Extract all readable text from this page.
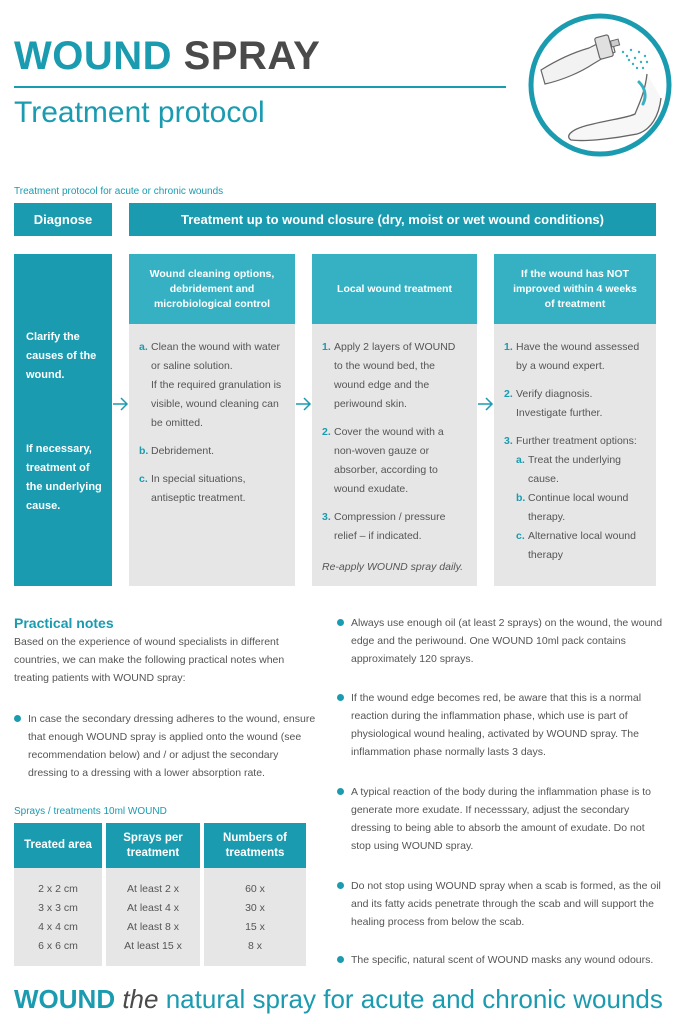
WOUND SPRAY
Treatment protocol
Treatment protocol for acute or chronic wounds
Diagnose	Treatment up to wound closure (dry, moist or wet wound conditions)
Clarify the causes of the wound.
If necessary, treatment of the underlying cause.
Wound cleaning options, debridement and microbiological control
a. Clean the wound with water or saline solution.
If the required granulation is visible, wound cleaning can be omitted.
b. Debridement.
c. In special situations, antiseptic treatment.
Local wound treatment
1. Apply 2 layers of WOUND to the wound bed, the wound edge and the periwound skin.
2. Cover the wound with a non-woven gauze or absorber, according to wound exudate.
3. Compression / pressure relief – if indicated.
Re-apply WOUND spray daily.
If the wound has NOT improved within 4 weeks of treatment
1. Have the wound assessed by a wound expert.
2. Verify diagnosis. Investigate further.
3. Further treatment options:
a. Treat the underlying cause.
b. Continue local wound therapy.
c. Alternative local wound therapy
Practical notes
Based on the experience of wound specialists in different countries, we can make the following practical notes when treating patients with WOUND spray:
In case the secondary dressing adheres to the wound, ensure that enough WOUND spray is applied onto the wound (see recommendation below) and / or adjust the secondary dressing to a dressing with a lower absorption rate.
Always use enough oil (at least 2 sprays) on the wound, the wound edge and the periwound. One WOUND 10ml pack contains approximately 120 sprays.
If the wound edge becomes red, be aware that this is a normal reaction during the inflammation phase, which use is part of physiological wound healing, activated by WOUND spray. The inflammation phase normally lasts 3 days.
A typical reaction of the body during the inflammation phase is to generate more exudate. If necesssary, adjust the secondary dressing to being able to absorb the amount of exudate. Do not stop using WOUND spray.
Do not stop using WOUND spray when a scab is formed, as the oil and its fatty acids penetrate through the scab and will support the healing process from below the scab.
The specific, natural scent of WOUND masks any wound odours.
Sprays / treatments 10ml WOUND
Treated area
Sprays per treatment
Numbers of treatments
2 x 2 cm
3 x 3 cm
4 x 4 cm
6 x 6 cm
At least 2 x
At least 4 x
At least 8 x
At least 15 x
60 x
30 x
15 x
8 x
WOUND the natural spray for acute and chronic wounds
